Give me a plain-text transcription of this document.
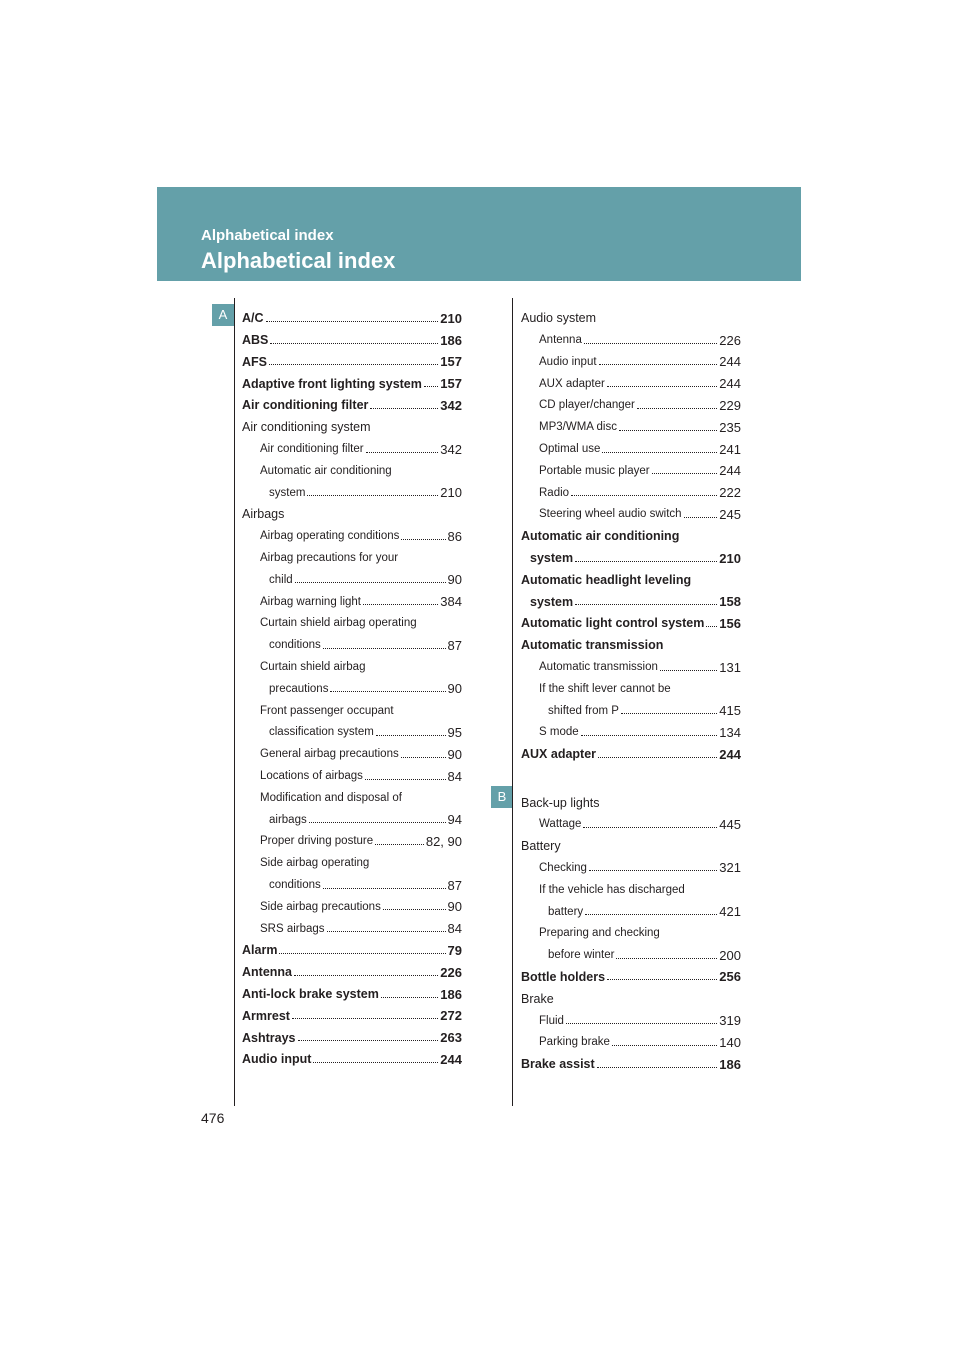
Alphabetical index
Alphabetical index
A
B
A/C	210
ABS	186
AFS	157
Adaptive front lighting system 157
Air conditioning filter	342
Air conditioning system
Air conditioning filter	342
Automatic air conditioning
system	210
Airbags
Airbag operating conditions	86
Airbag precautions for your
child	90
Airbag warning light	384
Curtain shield airbag operating
conditions	87
Curtain shield airbag
precautions	90
Front passenger occupant
classification system	95
General airbag precautions	90
Locations of airbags	84
Modification and disposal of
airbags	94
Proper driving posture	82, 90
Side airbag operating
conditions	87
Side airbag precautions	90
SRS airbags	84
Alarm	79
Antenna	226
Anti-lock brake system	186
Armrest	272
Ashtrays	263
Audio input	244
Audio system
Antenna	226
Audio input	244
AUX adapter	244
CD player/changer	229
MP3/WMA disc	235
Optimal use	241
Portable music player	244
Radio	222
Steering wheel audio switch	245
Automatic air conditioning
system	210
Automatic headlight leveling
system	158
Automatic light control system 156
Automatic transmission
Automatic transmission	131
If the shift lever cannot be
shifted from P	415
S mode	134
AUX adapter	244
Back-up lights
Wattage	445
Battery
Checking	321
If the vehicle has discharged
battery	421
Preparing and checking
before winter	200
Bottle holders	256
Brake
Fluid	319
Parking brake	140
Brake assist	186
476
